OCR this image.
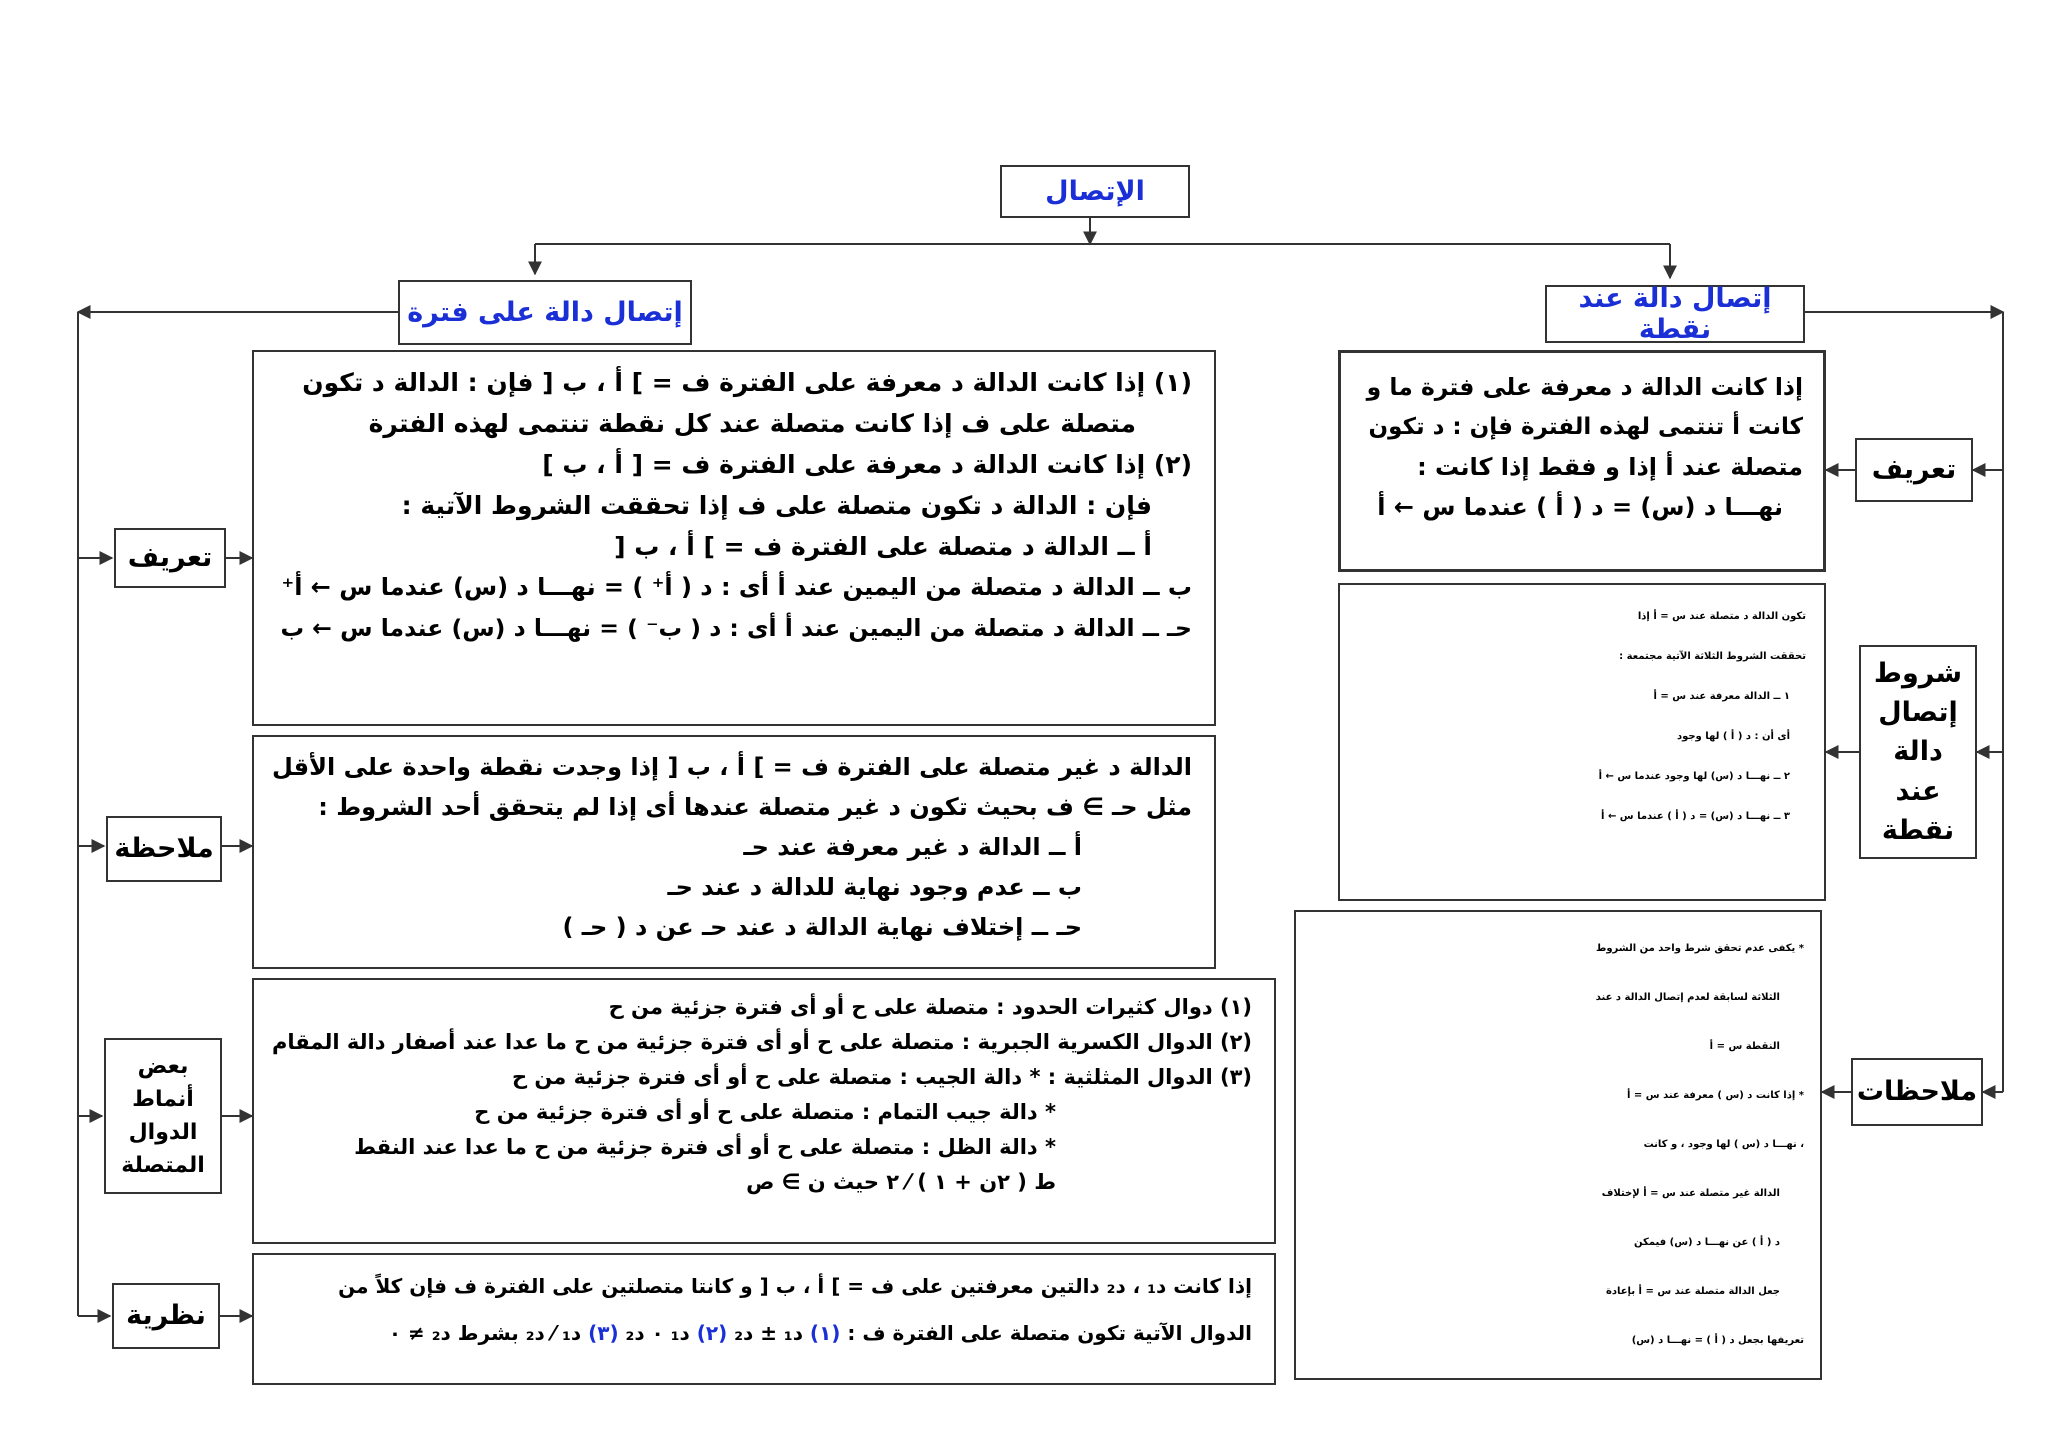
الإتصال
إتصال دالة على فترة	إتصال دالة عند نقطة
تعريف
ملاحظة
بعض أنماط الدوال المتصلة
نظرية
(١) إذا كانت الدالة د معرفة على الفترة ف = ] ﺃ ، ب [ فإن : الدالة د تكون
متصلة على ف إذا كانت متصلة عند كل نقطة تنتمى لهذه الفترة
(٢) إذا كانت الدالة د معرفة على الفترة ف = [ ﺃ ، ب ]
فإن : الدالة د تكون متصلة على ف إذا تحققت الشروط الآتية :
ﺃ ــ الدالة د متصلة على الفترة ف = ] ﺃ ، ب [
ب ــ الدالة د متصلة من اليمين عند ﺃ أى : د ( ﺃ⁺ ) = نهـــا د (س) عندما س ← ﺃ⁺
حـ ــ الدالة د متصلة من اليمين عند ﺃ أى : د ( ب⁻ ) = نهـــا د (س) عندما س ← ب
الدالة د غير متصلة على الفترة ف = ] ﺃ ، ب [ إذا وجدت نقطة واحدة على الأقل
مثل حـ ∋ ف بحيث تكون د غير متصلة عندها أى إذا لم يتحقق أحد الشروط :
ﺃ ــ الدالة د غير معرفة عند حـ
ب ــ عدم وجود نهاية للدالة د عند حـ
حـ ــ إختلاف نهاية الدالة د عند حـ عن د ( حـ )
(١) دوال كثيرات الحدود : متصلة على ح أو أى فترة جزئية من ح
(٢) الدوال الكسرية الجبرية : متصلة على ح أو أى فترة جزئية من ح ما عدا عند أصفار دالة المقام
(٣) الدوال المثلثية : * دالة الجيب : متصلة على ح أو أى فترة جزئية من ح
* دالة جيب التمام : متصلة على ح أو أى فترة جزئية من ح
* دالة الظل : متصلة على ح أو أى فترة جزئية من ح ما عدا عند النقط
ط ( ٢ن + ١ ) ⁄ ٢ حيث ن ∋ ص
إذا كانت د₁ ، د₂ دالتين معرفتين على ف = ] ﺃ ، ب [ و كانتا متصلتين على الفترة ف فإن كلاً من
الدوال الآتية تكون متصلة على الفترة ف : (١) د₁ ± د₂ (٢) د₁ ٠ د₂ (٣) د₁ ⁄ د₂ بشرط د₂ ≠ ٠
تعريف
شروط إتصال دالة عند نقطة
ملاحظات
إذا كانت الدالة د معرفة على فترة ما و
كانت ﺃ تنتمى لهذه الفترة فإن : د تكون
متصلة عند ﺃ إذا و فقط إذا كانت :
نهـــا د (س) = د ( ﺃ ) عندما س ← ﺃ
تكون الدالة د متصلة عند س = ﺃ إذا
تحققت الشروط الثلاثة الآتية مجتمعة :
١ ــ الدالة معرفة عند س = ﺃ
أى أن : د ( ﺃ ) لها وجود
٢ ــ نهـــا د (س) لها وجود عندما س ← ﺃ
٣ ــ نهـــا د (س) = د ( ﺃ ) عندما س ← ﺃ
* يكفى عدم تحقق شرط واحد من الشروط
الثلاثة لسابقة لعدم إتصال الدالة د عند
النقطة س = ﺃ
* إذا كانت د (س ) معرفة عند س = ﺃ
، نهـــا د (س ) لها وجود ، و كانت
الدالة غير متصلة عند س = ﺃ لإختلاف
د ( ﺃ ) عن نهـــا د (س) فيمكن
جعل الدالة متصلة عند س = ﺃ بإعادة
تعريفها بجعل د ( ﺃ ) = نهـــا د (س)
